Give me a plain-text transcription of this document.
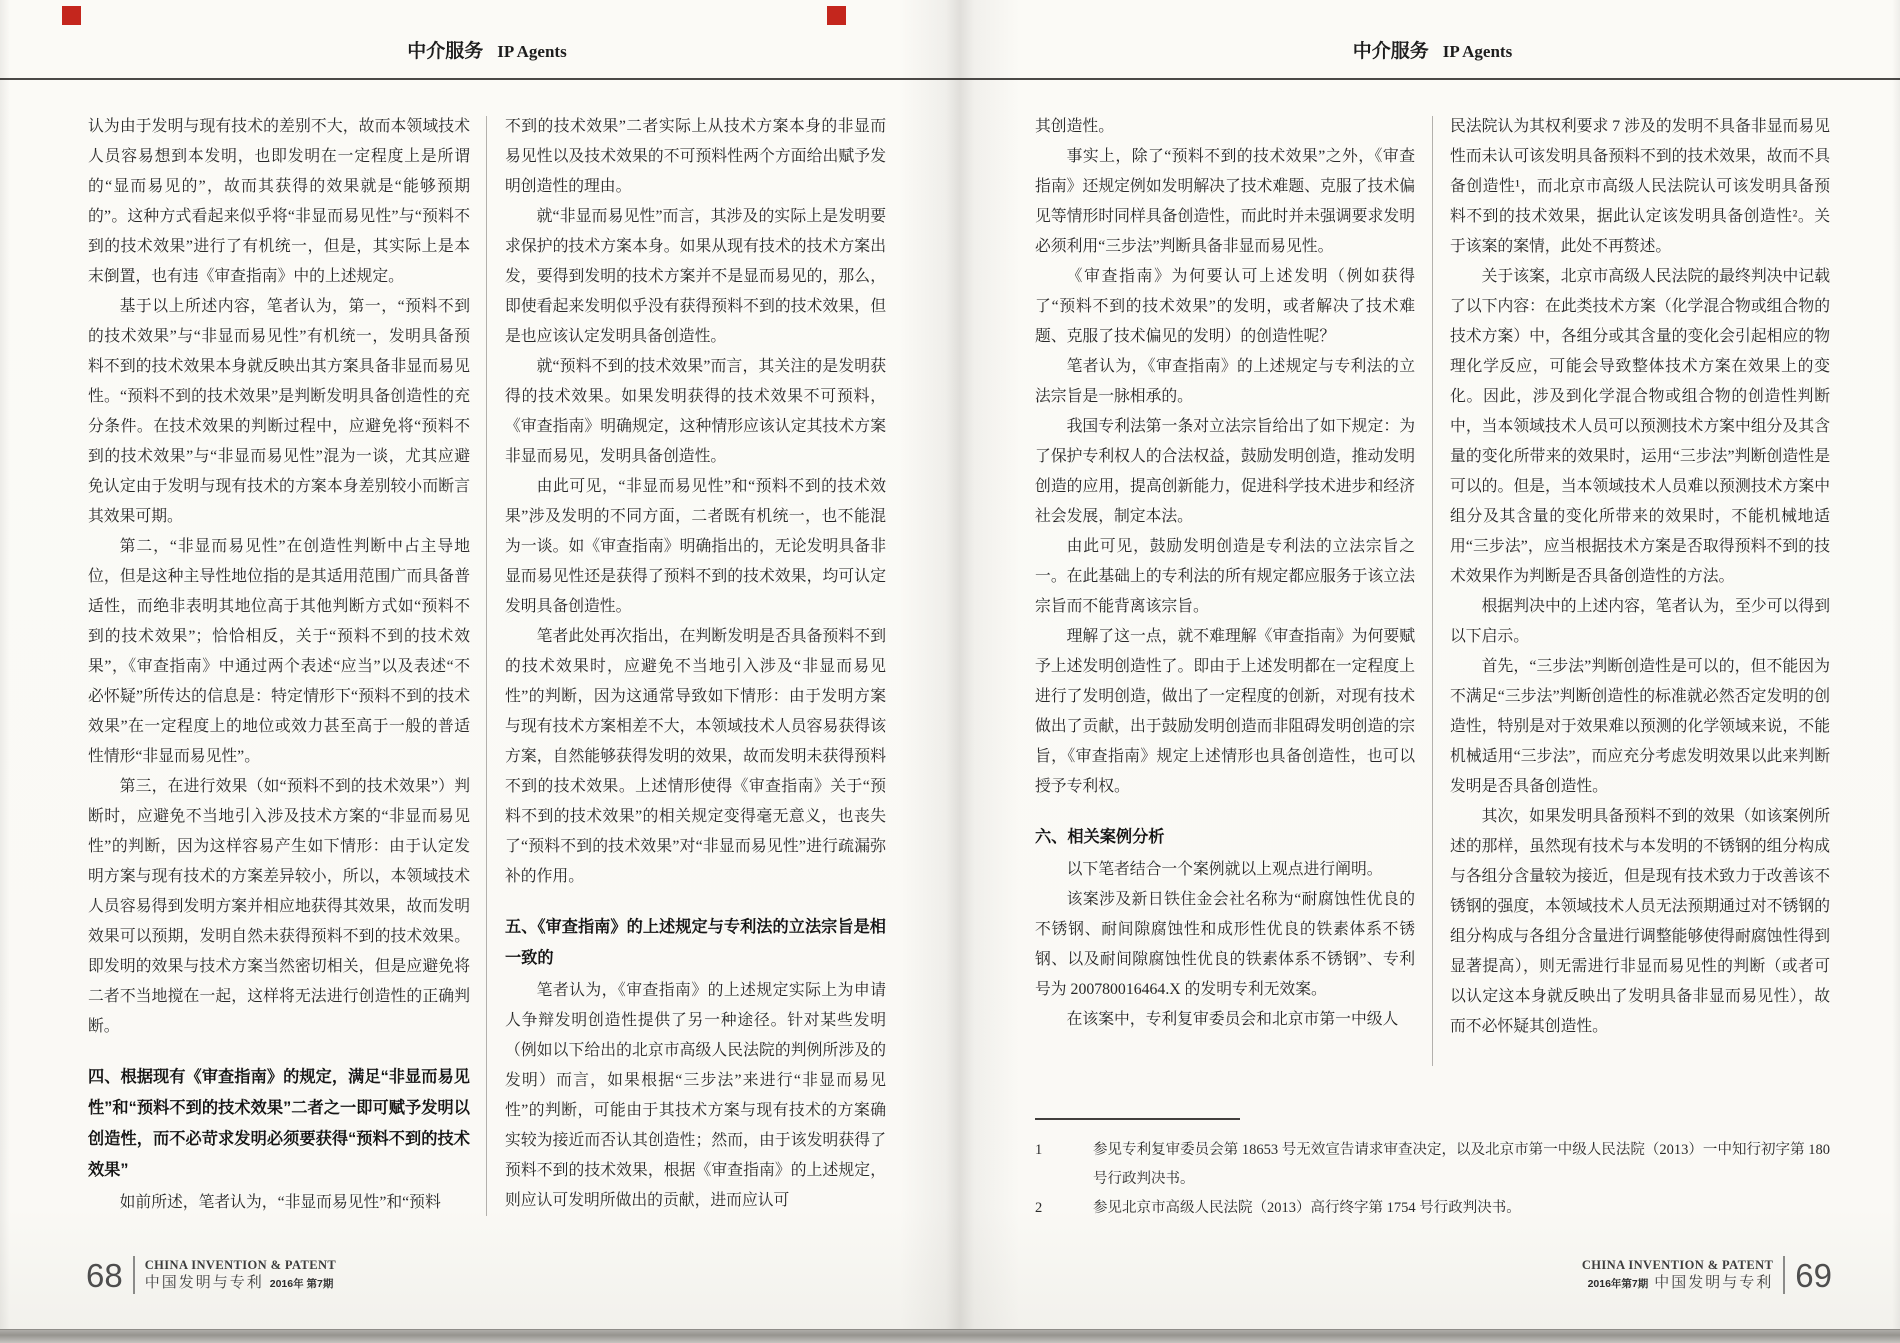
中介服务 IP Agents	中介服务 IP Agents

认为由于发明与现有技术的差别不大，故而本领域技术人员容易想到本发明，也即发明在一定程度上是所谓的“显而易见的”，故而其获得的效果就是“能够预期的”。这种方式看起来似乎将“非显而易见性”与“预料不到的技术效果”进行了有机统一，但是，其实际上是本末倒置，也有违《审查指南》中的上述规定。

基于以上所述内容，笔者认为，第一，“预料不到的技术效果”与“非显而易见性”有机统一，发明具备预料不到的技术效果本身就反映出其方案具备非显而易见性。“预料不到的技术效果”是判断发明具备创造性的充分条件。在技术效果的判断过程中，应避免将“预料不到的技术效果”与“非显而易见性”混为一谈，尤其应避免认定由于发明与现有技术的方案本身差别较小而断言其效果可期。

第二，“非显而易见性”在创造性判断中占主导地位，但是这种主导性地位指的是其适用范围广而具备普适性，而绝非表明其地位高于其他判断方式如“预料不到的技术效果”；恰恰相反，关于“预料不到的技术效果”，《审查指南》中通过两个表述“应当”以及表述“不必怀疑”所传达的信息是：特定情形下“预料不到的技术效果”在一定程度上的地位或效力甚至高于一般的普适性情形“非显而易见性”。

第三，在进行效果（如“预料不到的技术效果”）判断时，应避免不当地引入涉及技术方案的“非显而易见性”的判断，因为这样容易产生如下情形：由于认定发明方案与现有技术的方案差异较小，所以，本领域技术人员容易得到发明方案并相应地获得其效果，故而发明效果可以预期，发明自然未获得预料不到的技术效果。即发明的效果与技术方案当然密切相关，但是应避免将二者不当地搅在一起，这样将无法进行创造性的正确判断。

四、根据现有《审查指南》的规定，满足“非显而易见性”和“预料不到的技术效果”二者之一即可赋予发明以创造性，而不必苛求发明必须要获得“预料不到的技术效果”

如前所述，笔者认为，“非显而易见性”和“预料

不到的技术效果”二者实际上从技术方案本身的非显而易见性以及技术效果的不可预料性两个方面给出赋予发明创造性的理由。

就“非显而易见性”而言，其涉及的实际上是发明要求保护的技术方案本身。如果从现有技术的技术方案出发，要得到发明的技术方案并不是显而易见的，那么，即使看起来发明似乎没有获得预料不到的技术效果，但是也应该认定发明具备创造性。

就“预料不到的技术效果”而言，其关注的是发明获得的技术效果。如果发明获得的技术效果不可预料，《审查指南》明确规定，这种情形应该认定其技术方案非显而易见，发明具备创造性。

由此可见，“非显而易见性”和“预料不到的技术效果”涉及发明的不同方面，二者既有机统一，也不能混为一谈。如《审查指南》明确指出的，无论发明具备非显而易见性还是获得了预料不到的技术效果，均可认定发明具备创造性。

笔者此处再次指出，在判断发明是否具备预料不到的技术效果时，应避免不当地引入涉及“非显而易见性”的判断，因为这通常导致如下情形：由于发明方案与现有技术方案相差不大，本领域技术人员容易获得该方案，自然能够获得发明的效果，故而发明未获得预料不到的技术效果。上述情形使得《审查指南》关于“预料不到的技术效果”的相关规定变得毫无意义，也丧失了“预料不到的技术效果”对“非显而易见性”进行疏漏弥补的作用。

五、《审查指南》的上述规定与专利法的立法宗旨是相一致的

笔者认为，《审查指南》的上述规定实际上为申请人争辩发明创造性提供了另一种途径。针对某些发明（例如以下给出的北京市高级人民法院的判例所涉及的发明）而言，如果根据“三步法”来进行“非显而易见性”的判断，可能由于其技术方案与现有技术的方案确实较为接近而否认其创造性；然而，由于该发明获得了预料不到的技术效果，根据《审查指南》的上述规定，则应认可发明所做出的贡献，进而应认可

其创造性。

事实上，除了“预料不到的技术效果”之外，《审查指南》还规定例如发明解决了技术难题、克服了技术偏见等情形时同样具备创造性，而此时并未强调要求发明必须利用“三步法”判断具备非显而易见性。

《审查指南》为何要认可上述发明（例如获得了“预料不到的技术效果”的发明，或者解决了技术难题、克服了技术偏见的发明）的创造性呢？

笔者认为，《审查指南》的上述规定与专利法的立法宗旨是一脉相承的。

我国专利法第一条对立法宗旨给出了如下规定：为了保护专利权人的合法权益，鼓励发明创造，推动发明创造的应用，提高创新能力，促进科学技术进步和经济社会发展，制定本法。

由此可见，鼓励发明创造是专利法的立法宗旨之一。在此基础上的专利法的所有规定都应服务于该立法宗旨而不能背离该宗旨。

理解了这一点，就不难理解《审查指南》为何要赋予上述发明创造性了。即由于上述发明都在一定程度上进行了发明创造，做出了一定程度的创新，对现有技术做出了贡献，出于鼓励发明创造而非阻碍发明创造的宗旨，《审查指南》规定上述情形也具备创造性，也可以授予专利权。

六、相关案例分析

以下笔者结合一个案例就以上观点进行阐明。

该案涉及新日铁住金会社名称为“耐腐蚀性优良的不锈钢、耐间隙腐蚀性和成形性优良的铁素体系不锈钢、以及耐间隙腐蚀性优良的铁素体系不锈钢”、专利号为 200780016464.X 的发明专利无效案。

在该案中，专利复审委员会和北京市第一中级人

民法院认为其权利要求 7 涉及的发明不具备非显而易见性而未认可该发明具备预料不到的技术效果，故而不具备创造性¹，而北京市高级人民法院认可该发明具备预料不到的技术效果，据此认定该发明具备创造性²。关于该案的案情，此处不再赘述。

关于该案，北京市高级人民法院的最终判决中记载了以下内容：在此类技术方案（化学混合物或组合物的技术方案）中，各组分或其含量的变化会引起相应的物理化学反应，可能会导致整体技术方案在效果上的变化。因此，涉及到化学混合物或组合物的创造性判断中，当本领域技术人员可以预测技术方案中组分及其含量的变化所带来的效果时，运用“三步法”判断创造性是可以的。但是，当本领域技术人员难以预测技术方案中组分及其含量的变化所带来的效果时，不能机械地适用“三步法”，应当根据技术方案是否取得预料不到的技术效果作为判断是否具备创造性的方法。

根据判决中的上述内容，笔者认为，至少可以得到以下启示。

首先，“三步法”判断创造性是可以的，但不能因为不满足“三步法”判断创造性的标准就必然否定发明的创造性，特别是对于效果难以预测的化学领域来说，不能机械适用“三步法”，而应充分考虑发明效果以此来判断发明是否具备创造性。

其次，如果发明具备预料不到的效果（如该案例所述的那样，虽然现有技术与本发明的不锈钢的组分构成与各组分含量较为接近，但是现有技术致力于改善该不锈钢的强度，本领域技术人员无法预期通过对不锈钢的组分构成与各组分含量进行调整能够使得耐腐蚀性得到显著提高），则无需进行非显而易见性的判断（或者可以认定这本身就反映出了发明具备非显而易见性），故而不必怀疑其创造性。

1	参见专利复审委员会第 18653 号无效宣告请求审查决定，以及北京市第一中级人民法院（2013）一中知行初字第 180 号行政判决书。
2	参见北京市高级人民法院（2013）高行终字第 1754 号行政判决书。
68 CHINA INVENTION & PATENT
中国发明与专利 2016年 第7期
CHINA INVENTION & PATENT
2016年第7期 中国发明与专利 69
